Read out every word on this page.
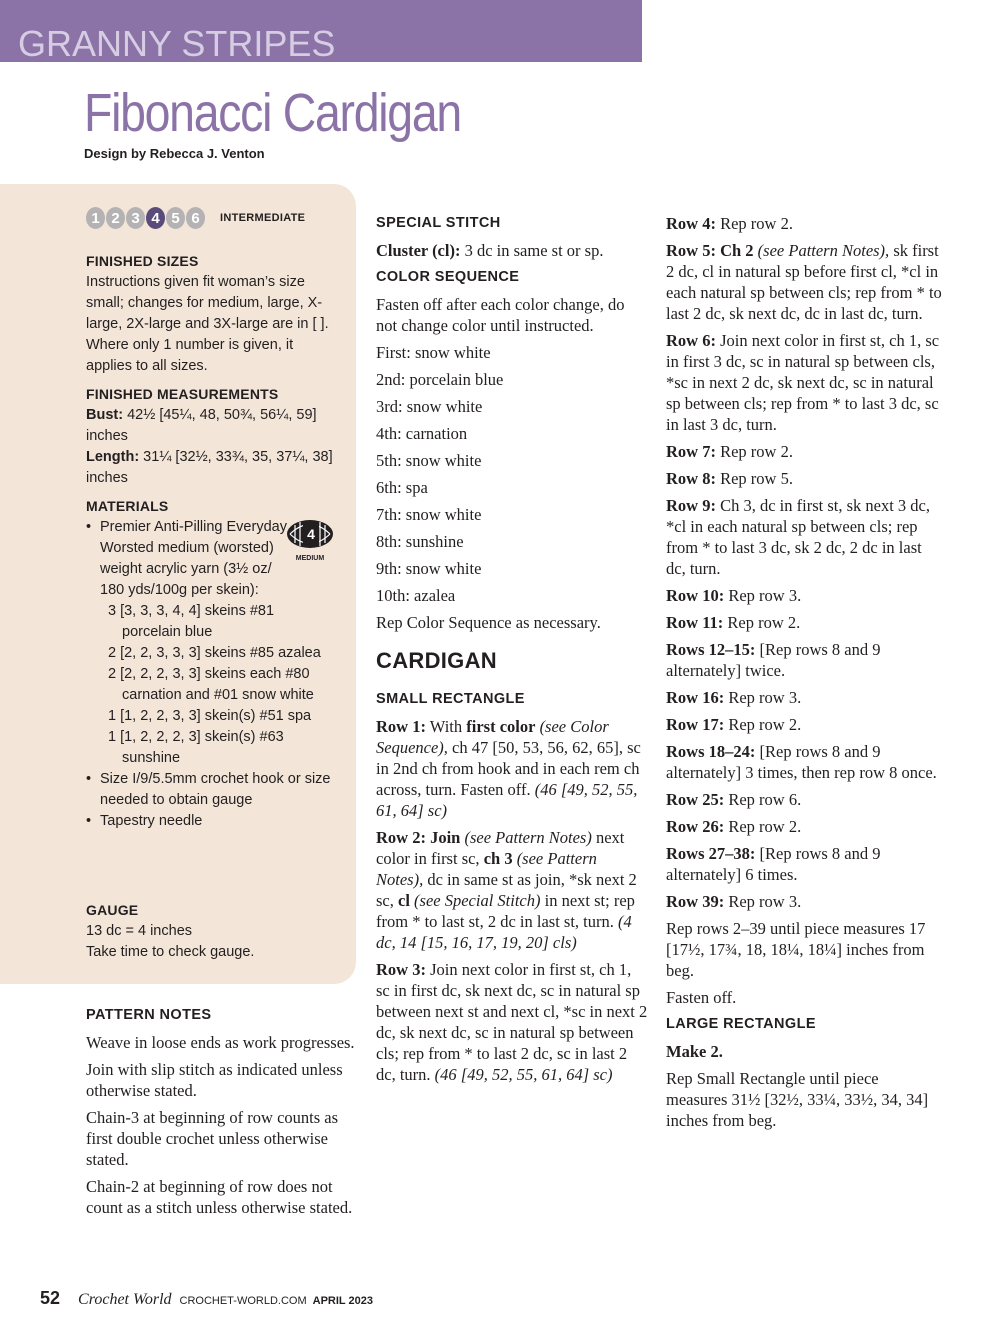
GRANNY STRIPES
Fibonacci Cardigan
Design by Rebecca J. Venton
1 2 3 4 5 6	INTERMEDIATE
FINISHED SIZES
Instructions given fit woman’s size small; changes for medium, large, X-large, 2X-large and 3X-large are in [ ]. Where only 1 number is given, it applies to all sizes.
FINISHED MEASUREMENTS
Bust: 42½ [45¼, 48, 50¾, 56¼, 59] inches
Length: 31¼ [32½, 33¾, 35, 37¼, 38] inches
MATERIALS
• Premier Anti-Pilling Everyday Worsted medium (worsted) weight acrylic yarn (3½ oz/ 180 yds/100g per skein):
3 [3, 3, 3, 4, 4] skeins #81 porcelain blue
2 [2, 2, 3, 3, 3] skeins #85 azalea
2 [2, 2, 2, 3, 3] skeins each #80 carnation and #01 snow white
1 [1, 2, 2, 3, 3] skein(s) #51 spa
1 [1, 2, 2, 2, 3] skein(s) #63 sunshine
• Size I/9/5.5mm crochet hook or size needed to obtain gauge
• Tapestry needle
4
MEDIUM
GAUGE
13 dc = 4 inches
Take time to check gauge.
PATTERN NOTES

Weave in loose ends as work progresses.

Join with slip stitch as indicated unless otherwise stated.

Chain-3 at beginning of row counts as first double crochet unless otherwise stated.

Chain-2 at beginning of row does not count as a stitch unless otherwise stated.

SPECIAL STITCH

Cluster (cl): 3 dc in same st or sp.

COLOR SEQUENCE

Fasten off after each color change, do not change color until instructed.

First: snow white

2nd: porcelain blue

3rd: snow white

4th: carnation

5th: snow white

6th: spa

7th: snow white

8th: sunshine

9th: snow white

10th: azalea

Rep Color Sequence as necessary.

CARDIGAN
SMALL RECTANGLE

Row 1: With first color (see Color Sequence), ch 47 [50, 53, 56, 62, 65], sc in 2nd ch from hook and in each rem ch across, turn. Fasten off. (46 [49, 52, 55, 61, 64] sc)

Row 2: Join (see Pattern Notes) next color in first sc, ch 3 (see Pattern Notes), dc in same st as join, *sk next 2 sc, cl (see Special Stitch) in next st; rep from * to last st, 2 dc in last st, turn. (4 dc, 14 [15, 16, 17, 19, 20] cls)

Row 3: Join next color in first st, ch 1, sc in first dc, sk next dc, sc in natural sp between next st and next cl, *sc in next 2 dc, sk next dc, sc in natural sp between cls; rep from * to last 2 dc, sc in last 2 dc, turn. (46 [49, 52, 55, 61, 64] sc)

Row 4: Rep row 2.

Row 5: Ch 2 (see Pattern Notes), sk first 2 dc, cl in natural sp before first cl, *cl in each natural sp between cls; rep from * to last 2 dc, sk next dc, dc in last dc, turn.

Row 6: Join next color in first st, ch 1, sc in first 3 dc, sc in natural sp between cls, *sc in next 2 dc, sk next dc, sc in natural sp between cls; rep from * to last 3 dc, sc in last 3 dc, turn.

Row 7: Rep row 2.

Row 8: Rep row 5.

Row 9: Ch 3, dc in first st, sk next 3 dc, *cl in each natural sp between cls; rep from * to last 3 dc, sk 2 dc, 2 dc in last dc, turn.

Row 10: Rep row 3.

Row 11: Rep row 2.

Rows 12–15: [Rep rows 8 and 9 alternately] twice.

Row 16: Rep row 3.

Row 17: Rep row 2.

Rows 18–24: [Rep rows 8 and 9 alternately] 3 times, then rep row 8 once.

Row 25: Rep row 6.

Row 26: Rep row 2.

Rows 27–38: [Rep rows 8 and 9 alternately] 6 times.

Row 39: Rep row 3.

Rep rows 2–39 until piece measures 17 [17½, 17¾, 18, 18¼, 18¼] inches from beg.

Fasten off.

LARGE RECTANGLE

Make 2.

Rep Small Rectangle until piece measures 31½ [32½, 33¼, 33½, 34, 34] inches from beg.

52 Crochet World CROCHET-WORLD.COM APRIL 2023
